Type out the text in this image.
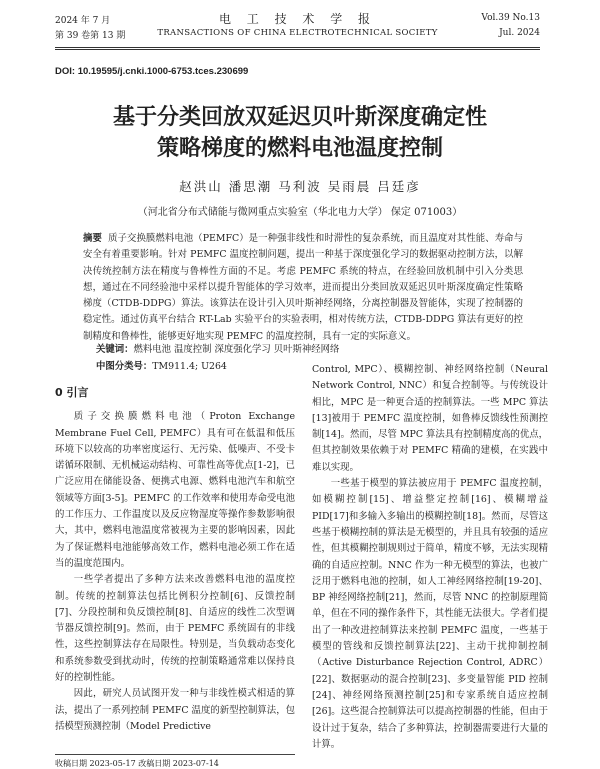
2024 年 7 月
第 39 卷第 13 期
电 工 技 术 学 报
TRANSACTIONS OF CHINA ELECTROTECHNICAL SOCIETY
Vol.39 No.13
Jul. 2024
DOI: 10.19595/j.cnki.1000-6753.tces.230699
基于分类回放双延迟贝叶斯深度确定性
策略梯度的燃料电池温度控制
赵洪山 潘思潮 马利波 吴雨晨 吕廷彦
（河北省分布式储能与微网重点实验室（华北电力大学） 保定 071003）
摘要 质子交换膜燃料电池（PEMFC）是一种强非线性和时滞性的复杂系统，而且温度对其性能、寿命与安全有着重要影响。针对 PEMFC 温度控制问题，提出一种基于深度强化学习的数据驱动控制方法，以解决传统控制方法在精度与鲁棒性方面的不足。考虑 PEMFC 系统的特点，在经验回放机制中引入分类思想，通过在不同经验池中采样以提升智能体的学习效率，进而提出分类回放双延迟贝叶斯深度确定性策略梯度（CTDB-DDPG）算法。该算法在设计引入贝叶斯神经网络，分离控制器及智能体，实现了控制器的稳定性。通过仿真平台结合 RT-Lab 实验平台的实验表明，相对传统方法，CTDB-DDPG 算法有更好的控制精度和鲁棒性，能够更好地实现 PEMFC 的温度控制，具有一定的实际意义。
关键词：燃料电池 温度控制 深度强化学习 贝叶斯神经网络
中图分类号：TM911.4; U264
0 引言

质子交换膜燃料电池（Proton Exchange Membrane Fuel Cell, PEMFC）具有可在低温和低压环境下以较高的功率密度运行、无污染、低噪声、不受卡诺循环限制、无机械运动结构、可靠性高等优点[1-2]，已广泛应用在储能设备、便携式电源、燃料电池汽车和航空领域等方面[3-5]。PEMFC 的工作效率和使用寿命受电池的工作压力、工作温度以及反应物湿度等操作参数影响很大，其中，燃料电池温度常被视为主要的影响因素，因此为了保证燃料电池能够高效工作，燃料电池必须工作在适当的温度范围内。

一些学者提出了多种方法来改善燃料电池的温度控制。传统的控制算法包括比例积分控制[6]、反馈控制[7]、分段控制和负反馈控制[8]、自适应的线性二次型调节器反馈控制[9]。然而，由于 PEMFC 系统固有的非线性，这些控制算法存在局限性。特别是，当负载动态变化和系统参数受到扰动时，传统的控制策略通常难以保持良好的控制性能。

因此，研究人员试图开发一种与非线性模式相适的算法，提出了一系列控制 PEMFC 温度的新型控制算法，包括模型预测控制（Model Predictive

Control, MPC）、模糊控制、神经网络控制（Neural Network Control, NNC）和复合控制等。与传统设计相比，MPC 是一种更合适的控制算法。一些 MPC 算法[13]被用于 PEMFC 温度控制，如鲁棒反馈线性预测控制[14]。然而，尽管 MPC 算法具有控制精度高的优点，但其控制效果依赖于对 PEMFC 精确的建模，在实践中难以实现。

一些基于模型的算法被应用于 PEMFC 温度控制，如模糊控制[15]、增益整定控制[16]、模糊增益 PID[17]和多输入多输出的模糊控制[18]。然而，尽管这些基于模糊控制的算法是无模型的，并且具有较强的适应性，但其模糊控制规则过于简单，精度不够，无法实现精确的自适应控制。NNC 作为一种无模型的算法，也被广泛用于燃料电池的控制，如人工神经网络控制[19-20]、BP 神经网络控制[21]，然而，尽管 NNC 的控制原理简单，但在不同的操作条件下，其性能无法很大。学者们提出了一种改进控制算法来控制 PEMFC 温度，一些基于模型的管线和反馈控制算法[22]、主动干扰抑制控制（Active Disturbance Rejection Control, ADRC）[22]、数据驱动的混合控制[23]、多变量智能 PID 控制[24]、神经网络预测控制[25]和专家系统自适应控制[26]。这些混合控制算法可以提高控制器的性能，但由于设计过于复杂，结合了多种算法，控制器需要进行大量的计算。

收稿日期 2023-05-17 改稿日期 2023-07-14
